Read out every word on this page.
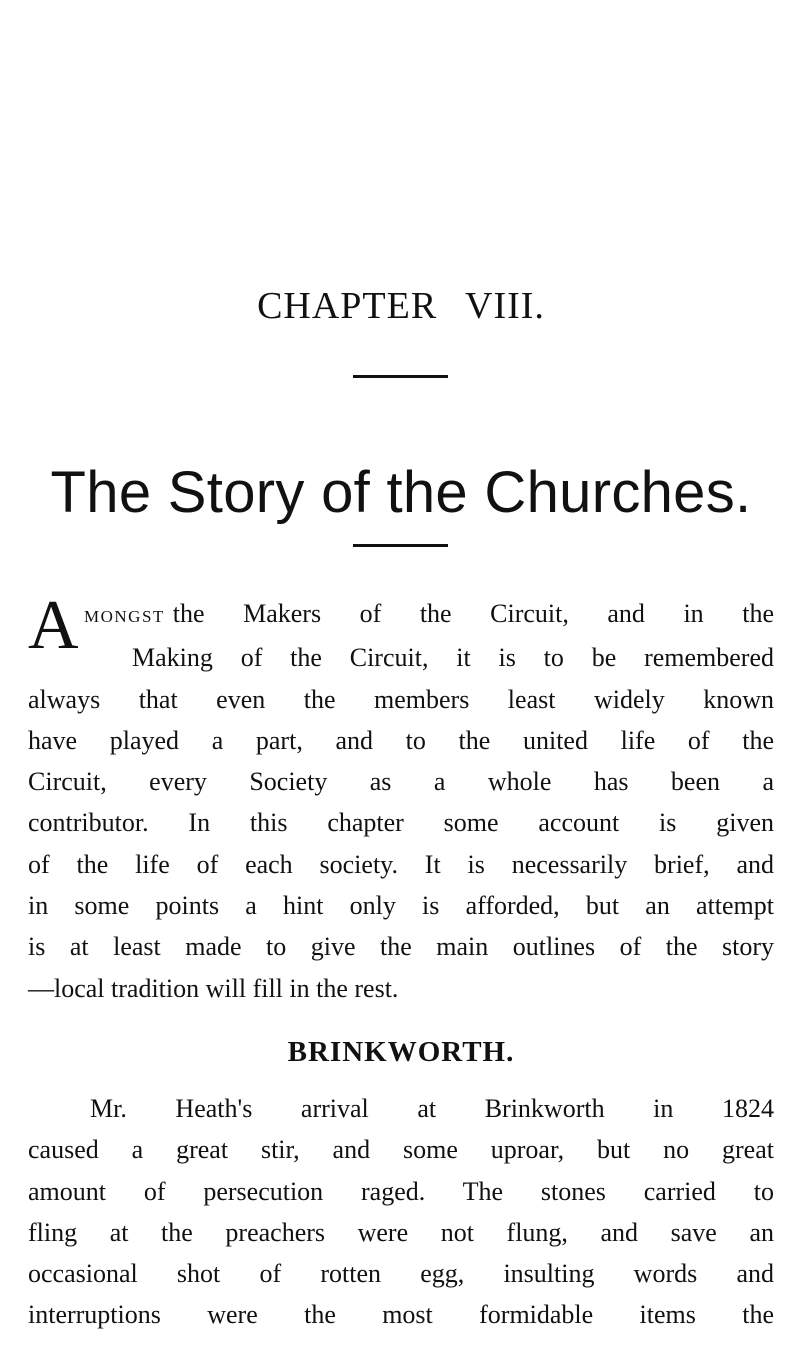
CHAPTER VIII.
The Story of the Churches.
A MONGST the Makers of the Circuit, and in the
Making of the Circuit, it is to be remembered
always that even the members least widely known
have played a part, and to the united life of the
Circuit, every Society as a whole has been a
contributor. In this chapter some account is given
of the life of each society. It is necessarily brief, and
in some points a hint only is afforded, but an attempt
is at least made to give the main outlines of the story
—local tradition will fill in the rest.
BRINKWORTH.
Mr. Heath's arrival at Brinkworth in 1824
caused a great stir, and some uproar, but no great
amount of persecution raged. The stones carried to
fling at the preachers were not flung, and save an
occasional shot of rotten egg, insulting words and
interruptions were the most formidable items the
